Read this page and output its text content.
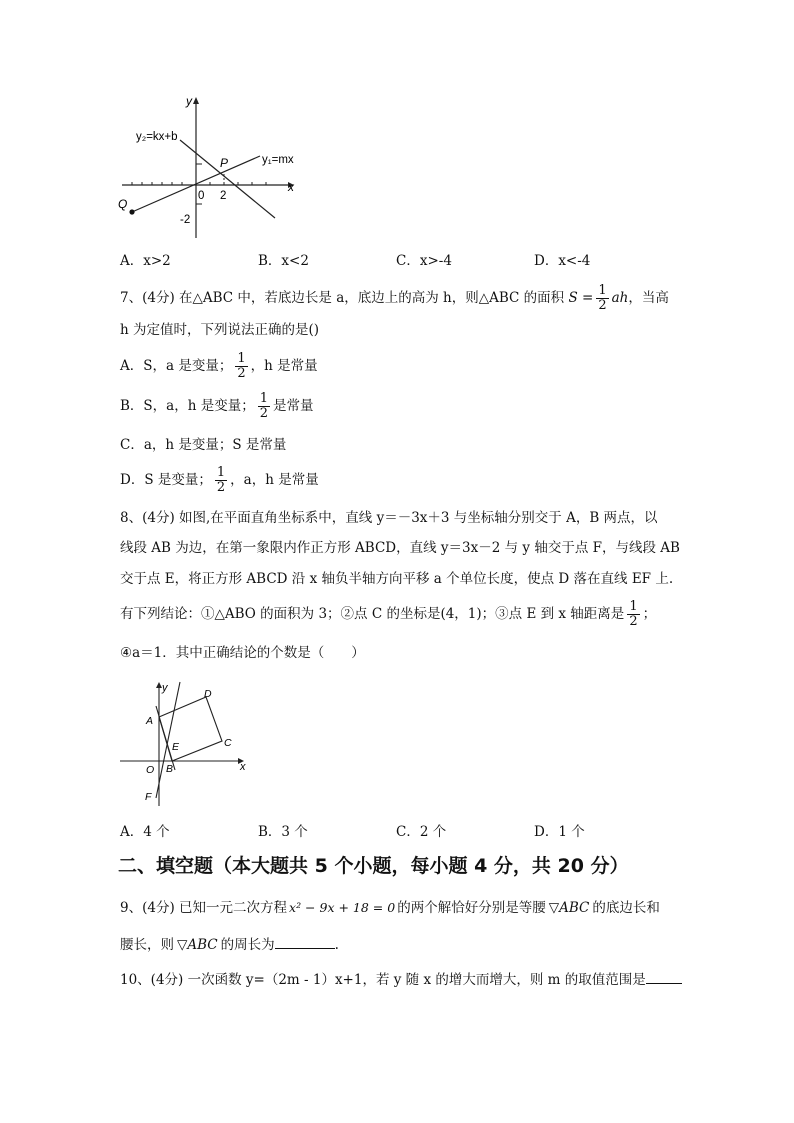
y
x
y₂=kx+b
y₁=mx
P
Q
0 2
-2
A．x>2	B．x<2	C．x>-4	D．x<-4
7、(4分) 在△ABC 中，若底边长是 a，底边上的高为 h，则△ABC 的面积 $S = \frac{1}{2}$ ah，当高
h 为定值时，下列说法正确的是()
A．S，a 是变量； $\frac{1}{2}$ ，h 是常量
B．S，a，h 是变量； $\frac{1}{2}$ 是常量
C．a，h 是变量；S 是常量
D．S 是变量； $\frac{1}{2}$ ，a，h 是常量
8、(4分) 如图,在平面直角坐标系中，直线 y＝－3x＋3 与坐标轴分别交于 A，B 两点，以
线段 AB 为边，在第一象限内作正方形 ABCD，直线 y＝3x－2 与 y 轴交于点 F，与线段 AB
交于点 E，将正方形 ABCD 沿 x 轴负半轴方向平移 a 个单位长度，使点 D 落在直线 EF 上.
有下列结论：①△ABO 的面积为 3；②点 C 的坐标是(4，1)；③点 E 到 x 轴距离是 $\frac{1}{2}$ ；
④a＝1．其中正确结论的个数是（　　）
y
x
A
D
C
E
B
O
F
A．4 个	B．3 个	C．2 个	D．1 个
二、填空题（本大题共 5 个小题，每小题 4 分，共 20 分）
9、(4分) 已知一元二次方程 x² − 9x + 18 = 0 的两个解恰好分别是等腰 ▽ABC 的底边长和
腰长，则 ▽ABC 的周长为	.
10、(4分) 一次函数 y=（2m - 1）x+1，若 y 随 x 的增大而增大，则 m 的取值范围是
